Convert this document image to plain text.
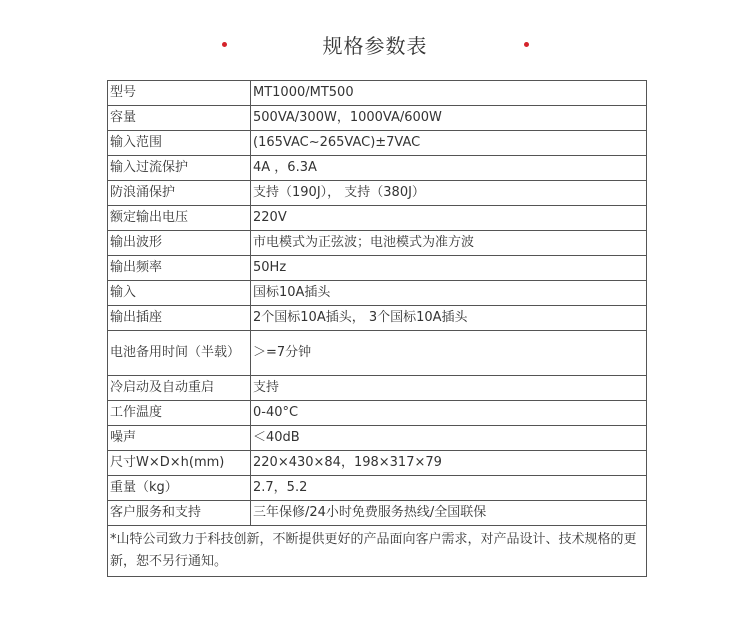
规格参数表
型号	MT1000/MT500
容量	500VA/300W，1000VA/600W
输入范围	(165VAC~265VAC)±7VAC
输入过流保护	4A ，6.3A
防浪涌保护	支持（190J）， 支持（380J）
额定输出电压	220V
输出波形	市电模式为正弦波；电池模式为准方波
输出频率	50Hz
输入	国标10A插头
输出插座	2个国标10A插头， 3个国标10A插头
电池备用时间（半载）	＞=7分钟
冷启动及自动重启	支持
工作温度	0-40°C
噪声	＜40dB
尺寸W×D×h(mm)	220×430×84，198×317×79
重量（kg）	2.7，5.2
客户服务和支持	三年保修/24小时免费服务热线/全国联保
*山特公司致力于科技创新，不断提供更好的产品面向客户需求，对产品设计、技术规格的更新，恕不另行通知。	
